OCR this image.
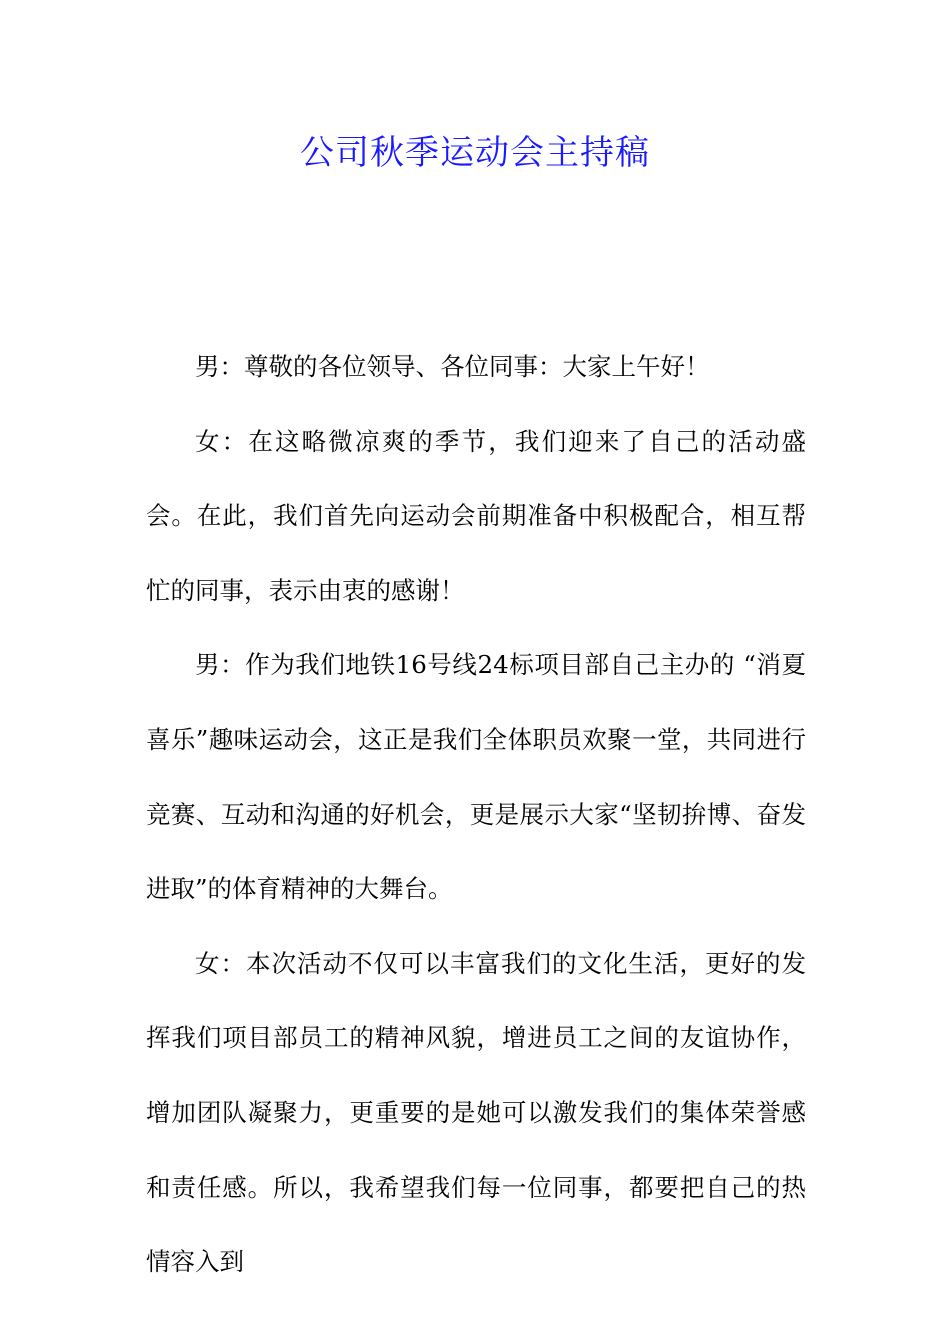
公司秋季运动会主持稿

男：尊敬的各位领导、各位同事：大家上午好！

女：在这略微凉爽的季节，我们迎来了自己的活动盛会。在此，我们首先向运动会前期准备中积极配合，相互帮忙的同事，表示由衷的感谢！

男：作为我们地铁16号线24标项目部自己主办的 “消夏喜乐”趣味运动会，这正是我们全体职员欢聚一堂，共同进行竞赛、互动和沟通的好机会，更是展示大家“坚韧拚博、奋发进取”的体育精神的大舞台。

女：本次活动不仅可以丰富我们的文化生活，更好的发挥我们项目部员工的精神风貌，增进员工之间的友谊协作，增加团队凝聚力，更重要的是她可以激发我们的集体荣誉感和责任感。所以，我希望我们每一位同事，都要把自己的热情容入到
